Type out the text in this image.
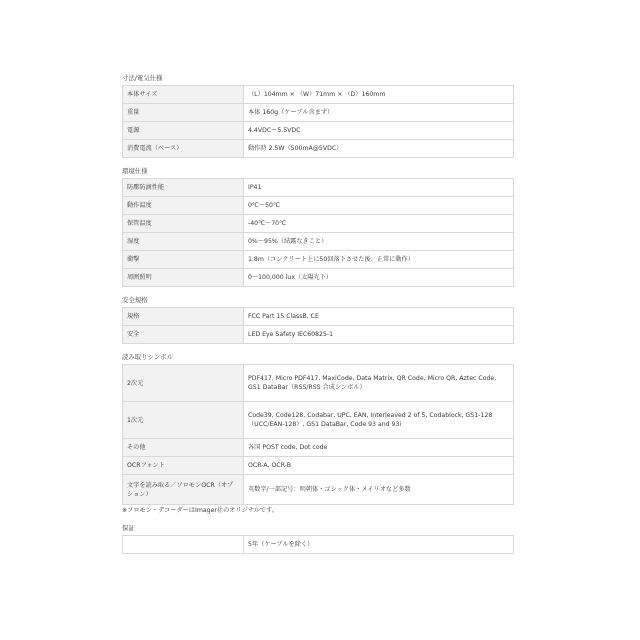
寸法/電気仕様
本体サイズ	（L）104mm × （W）71mm × （D）160mm
重量	本体 160g（ケーブル含まず）
電源	4.4VDC～5.5VDC
消費電流（ベース）	動作時 2.5W（500mA@5VDC）
環境仕様
防塵防滴性能	IP41
動作温度	0℃～50℃
保管温度	-40℃～70℃
湿度	0%～95%（結露なきこと）
衝撃	1.8m（コンクリート上に50回落下させた後、正常に動作）
周囲照明	0～100,000 lux（太陽光下）
安全規格
規格	FCC Part 15 ClassB, CE
安全	LED Eye Safety IEC60825-1
読み取りシンボル
2次元	PDF417, Micro PDF417, MaxiCode, Data Matrix, QR Code, Micro QR, Aztec Code, GS1 DataBar（RSS/RSS 合成シンボル）
1次元	Code39, Code128, Codabar, UPC, EAN, Interleaved 2 of 5, Codablock, GS1-128（UCC/EAN-128）, GS1 DataBar, Code 93 and 93i
その他	各国 POST code, Dot code
OCRフォント	OCR-A, OCR-B
文字を読み取る／ソロモンOCR（オプション）	英数字/一部記号：明朝体・ゴシック体・メイリオなど多数
※ソロモン・デコーダーはImager社のオリジナルです。
保証
	5年（ケーブルを除く）
